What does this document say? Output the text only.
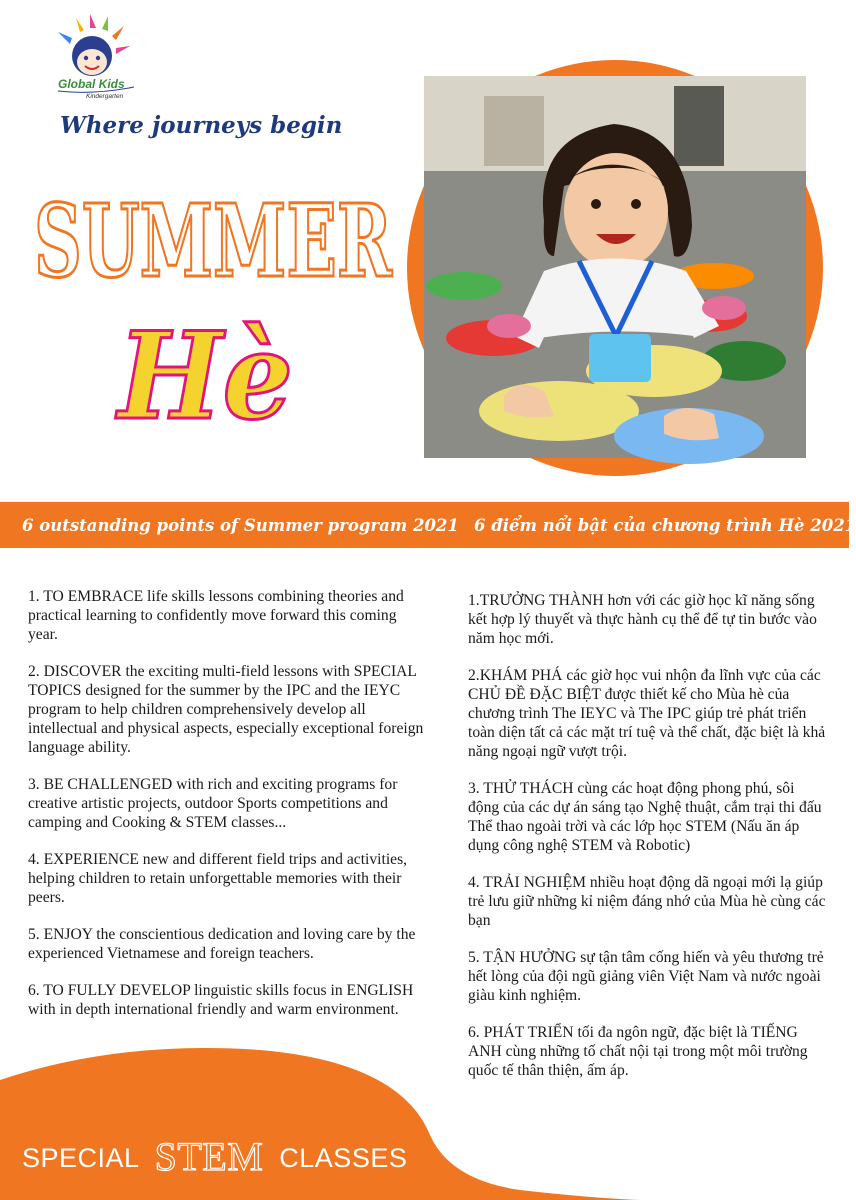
Global Kids
Kindergarten
Where journeys begin
SUMMER
Hè
6 outstanding points of Summer program 2021 6 điểm nổi bật của chương trình Hè 2021

1. TO EMBRACE life skills lessons combining theories and practical learning to confidently move forward this coming year.

2. DISCOVER the exciting multi-field lessons with SPECIAL TOPICS designed for the summer by the IPC and the IEYC program to help children comprehensively develop all intellectual and physical aspects, especially exceptional foreign language ability.

3. BE CHALLENGED with rich and exciting programs for creative artistic projects, outdoor Sports competitions and camping and Cooking & STEM classes...

4. EXPERIENCE new and different field trips and activities, helping children to retain unforgettable memories with their peers.

5. ENJOY the conscientious dedication and loving care by the experienced Vietnamese and foreign teachers.

6. TO FULLY DEVELOP linguistic skills focus in ENGLISH with in depth international friendly and warm environment.

1.TRƯỞNG THÀNH hơn với các giờ học kĩ năng sống kết hợp lý thuyết và thực hành cụ thể để tự tin bước vào năm học mới.

2.KHÁM PHÁ các giờ học vui nhộn đa lĩnh vực của các CHỦ ĐỀ ĐẶC BIỆT được thiết kế cho Mùa hè của chương trình The IEYC và The IPC giúp trẻ phát triển toàn diện tất cả các mặt trí tuệ và thể chất, đặc biệt là khả năng ngoại ngữ vượt trội.

3. THỬ THÁCH cùng các hoạt động phong phú, sôi động của các dự án sáng tạo Nghệ thuật, cắm trại thi đấu Thể thao ngoài trời và các lớp học STEM (Nấu ăn áp dụng công nghệ STEM và Robotic)

4. TRẢI NGHIỆM nhiều hoạt động dã ngoại mới lạ giúp trẻ lưu giữ những kỉ niệm đáng nhớ của Mùa hè cùng các bạn

5. TẬN HƯỞNG sự tận tâm cống hiến và yêu thương trẻ hết lòng của đội ngũ giảng viên Việt Nam và nước ngoài giàu kinh nghiệm.

6. PHÁT TRIỂN tối đa ngôn ngữ, đặc biệt là TIẾNG ANH cùng những tố chất nội tại trong một môi trường quốc tế thân thiện, ấm áp.

SPECIAL STEM CLASSES
